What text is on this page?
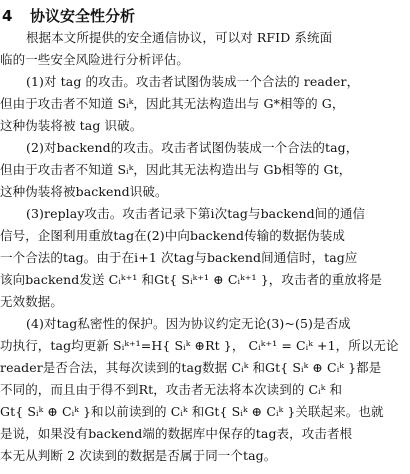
4 协议安全性分析
根据本文所提供的安全通信协议，可以对 RFID 系统面
临的一些安全风险进行分析评估。
(1)对 tag 的攻击。攻击者试图伪装成一个合法的 reader，
但由于攻击者不知道 Sᵢᵏ，因此其无法构造出与 G*相等的 G，
这种伪装将被 tag 识破。
(2)对backend的攻击。攻击者试图伪装成一个合法的tag，
但由于攻击者不知道 Sᵢᵏ，因此其无法构造出与 Gb相等的 Gt，
这种伪装将被backend识破。
(3)replay攻击。攻击者记录下第i次tag与backend间的通信
信号，企图利用重放tag在(2)中向backend传输的数据伪装成
一个合法的tag。由于在i+1 次tag与backend间通信时，tag应
该向backend发送 Cᵢᵏ⁺¹ 和Gt{ Sᵢᵏ⁺¹ ⊕ Cᵢᵏ⁺¹ }，攻击者的重放将是
无效数据。
(4)对tag私密性的保护。因为协议约定无论(3)~(5)是否成
功执行，tag均更新 Sᵢᵏ⁺¹=H{ Sᵢᵏ ⊕Rt }， Cᵢᵏ⁺¹ = Cᵢᵏ +1，所以无论
reader是否合法，其每次读到的tag数据 Cᵢᵏ 和Gt{ Sᵢᵏ ⊕ Cᵢᵏ }都是
不同的，而且由于得不到Rt，攻击者无法将本次读到的 Cᵢᵏ 和
Gt{ Sᵢᵏ ⊕ Cᵢᵏ }和以前读到的 Cᵢᵏ 和Gt{ Sᵢᵏ ⊕ Cᵢᵏ }关联起来。也就
是说，如果没有backend端的数据库中保存的tag表，攻击者根
本无从判断 2 次读到的数据是否属于同一个tag。
